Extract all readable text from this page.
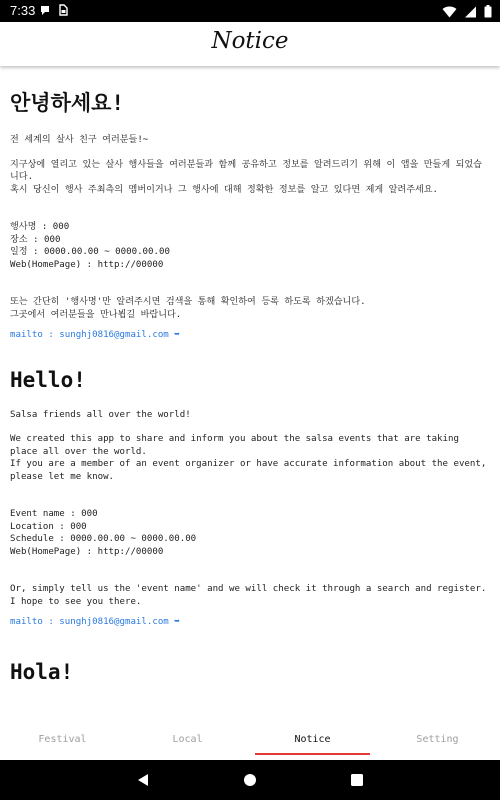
7:33

Notice
안녕하세요!

전 세계의 살사 친구 여러분들!~

지구상에 열리고 있는 살사 행사들을 여러분들과 함께 공유하고 정보를 알려드리기 위해 이 앱을 만들게 되었습니다.
혹시 당신이 행사 주최측의 멤버이거나 그 행사에 대해 정확한 정보를 알고 있다면 제게 알려주세요.

행사명 : 000
장소 : 000
일정 : 0000.00.00 ~ 0000.00.00
Web(HomePage) : http://00000

또는 간단히 '행사명'만 알려주시면 검색을 통해 확인하여 등록 하도록 하겠습니다.
그곳에서 여러분들을 만나뵙길 바랍니다.

mailto : sunghj0816@gmail.com ➥

Hello!

Salsa friends all over the world!

We created this app to share and inform you about the salsa events that are taking place all over the world.
If you are a member of an event organizer or have accurate information about the event, please let me know.

Event name : 000
Location : 000
Schedule : 0000.00.00 ~ 0000.00.00
Web(HomePage) : http://00000

Or, simply tell us the 'event name' and we will check it through a search and register.
I hope to see you there.

mailto : sunghj0816@gmail.com ➥

Hola!
Festival	Local	Notice	Setting
